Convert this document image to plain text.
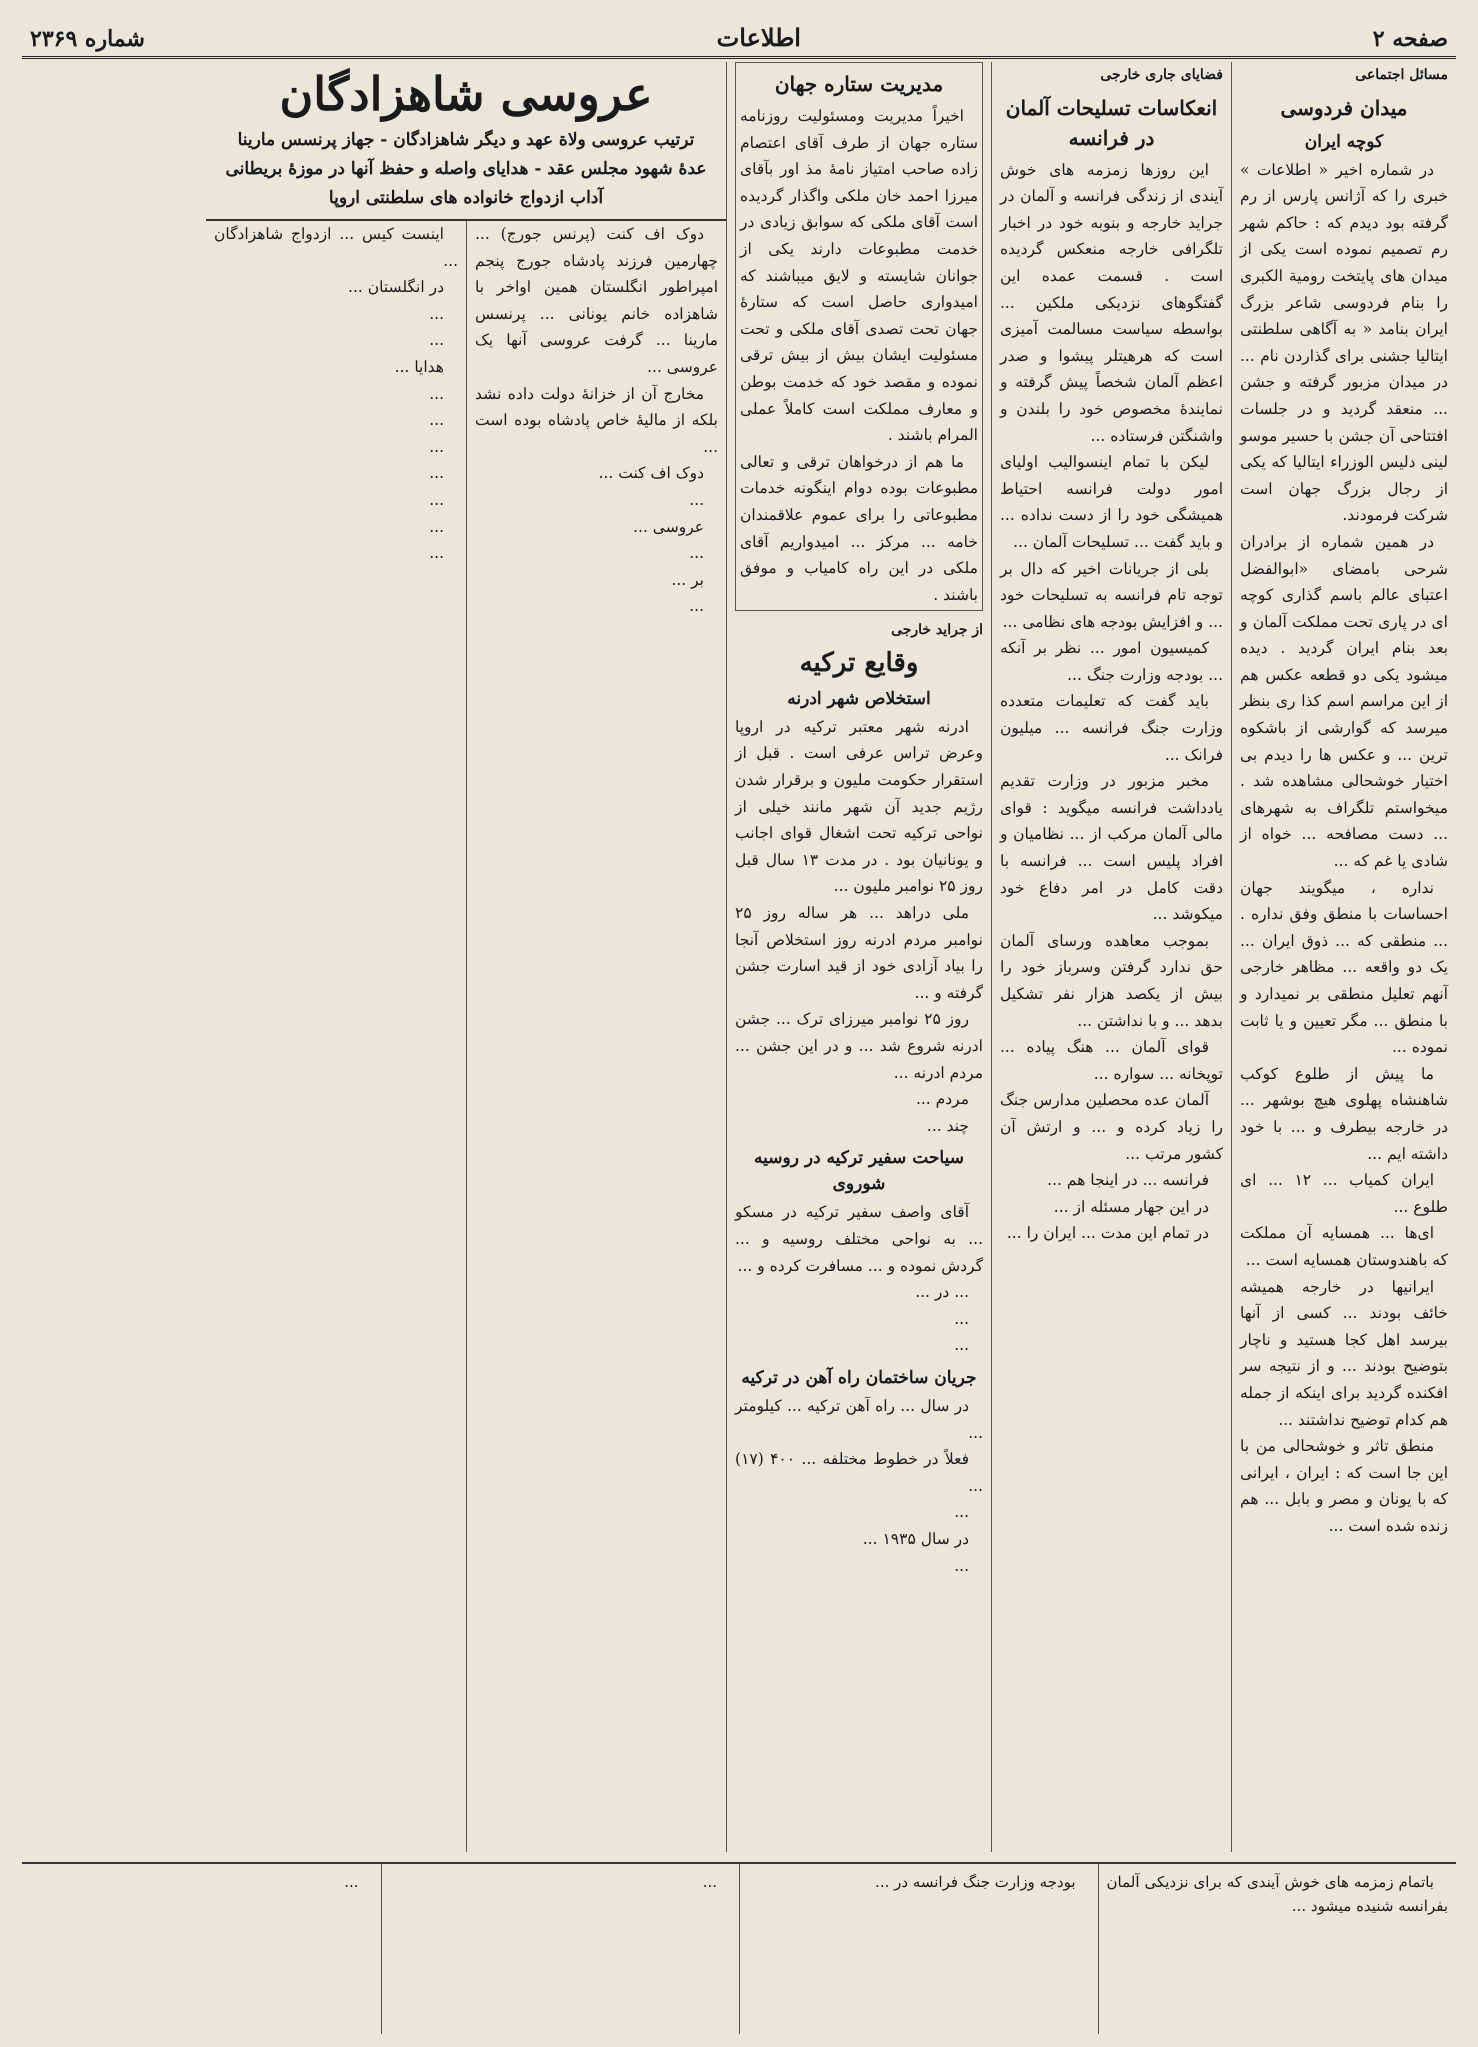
صفحه ۲
اطلاعات
شماره ۲۳۶۹
مسائل اجتماعی
میدان فردوسی
کوچه ایران

در شماره اخیر « اطلاعات » خبری را که آژانس پارس از رم گرفته بود دیدم که : حاکم شهر رم تصمیم نموده است یکی از میدان های پایتخت رومیة الکبری را بنام فردوسی شاعر بزرگ ایران بنامد « به آگاهی سلطنتی ایتالیا جشنی برای گذاردن نام ... در میدان مزبور گرفته و جشن ... منعقد گردید و در جلسات افتتاحی آن جشن با حسیر موسو لینی دلیس الوزراء ایتالیا که یکی از رجال بزرگ جهان است شرکت فرمودند.

در همین شماره از برادران شرحی بامضای «ابوالفضل اعتبای عالم باسم گذاری کوچه ای در پاری تحت مملکت آلمان و بعد بنام ایران گردید . دیده میشود یکی دو قطعه عکس هم از این مراسم اسم کذا ری بنظر میرسد که گوارشی از باشکوه ترین ... و عکس ها را دیدم بی اختیار خوشحالی مشاهده شد . میخواستم تلگراف به شهرهای ... دست مصافحه ... خواه از شادی یا غم که ...

نداره ، میگویند جهان احساسات با منطق وفق نداره . ... منطقی که ... ذوق ایران ... یک دو واقعه ... مظاهر خارجی آنهم تعلیل منطقی بر نمیدارد و با منطق ... مگر تعیین و یا ثابت نموده ...

ما پیش از طلوع کوکب شاهنشاه پهلوی هیچ بوشهر ... در خارجه بیطرف و ... با خود داشته ایم ...

ایران کمیاب ... ۱۲ ... ای طلوع ...

ای‌ها ... همسایه آن مملکت که باهندوستان همسایه است ...

ایرانیها در خارجه همیشه خائف بودند ... کسی از آنها بیرسد اهل کجا هستید و ناچار بتوضیح بودند ... و از نتیجه سر افکنده گردید برای اینکه از جمله هم کدام توضیح نداشتند ...

منطق تاثر و خوشحالی من با این جا است که : ایران ، ایرانی که با یونان و مصر و بابل ... هم زنده شده است ...

فضایای جاری خارجی
انعکاسات تسلیحات آلمان در فرانسه

این روزها زمزمه های خوش آیندی از زندگی فرانسه و آلمان در جراید خارجه و بنوبه خود در اخبار تلگرافی خارجه منعکس گردیده است . قسمت عمده این گفتگوهای نزدیکی ملکین ... بواسطه سیاست مسالمت آمیزی است که هرهیتلر پیشوا و صدر اعظم آلمان شخصاً پیش گرفته و نمایندهٔ مخصوص خود را بلندن و واشنگتن فرستاده ...

لیکن با تمام اینسوالیب اولیای امور دولت فرانسه احتیاط همیشگی خود را از دست نداده ... و باید گفت ... تسلیحات آلمان ...

بلی از جریانات اخیر که دال بر توجه تام فرانسه به تسلیحات خود ... و افزایش بودجه های نظامی ...

کمیسیون امور ... نظر بر آنکه ... بودجه وزارت جنگ ...

باید گفت که تعلیمات متعدده وزارت جنگ فرانسه ... میلیون فرانک ...

مخبر مزبور در وزارت تقدیم یادداشت فرانسه میگوید : قوای مالی آلمان مرکب از ... نظامیان و افراد پلیس است ... فرانسه با دقت کامل در امر دفاع خود میکوشد ...

بموجب معاهده ورسای آلمان حق ندارد گرفتن وسرباز خود را بیش از یکصد هزار نفر تشکیل بدهد ... و با نداشتن ...

قوای آلمان ... هنگ پیاده ... توپخانه ... سواره ...

آلمان عده محصلین مدارس جنگ را زیاد کرده و ... و ارتش آن کشور مرتب ...

فرانسه ... در اینجا هم ...

در این جهار مسئله از ...

در تمام این مدت ... ایران را ...

مدیریت ستاره جهان

اخیراً مدیریت ومسئولیت روزنامه ستاره جهان از طرف آقای اعتصام زاده صاحب امتیاز نامهٔ مذ اور بآقای میرزا احمد خان ملکی واگذار گردیده است آقای ملکی که سوابق زیادی در خدمت مطبوعات دارند یکی از جوانان شایسته و لایق میباشند که امیدواری حاصل است که ستارهٔ جهان تحت تصدی آقای ملکی و تحت مسئولیت ایشان بیش از بیش ترقی نموده و مقصد خود که خدمت بوطن و معارف مملکت است کاملاً عملی المرام باشند .

ما هم از درخواهان ترقی و تعالی مطبوعات بوده دوام اینگونه خدمات مطبوعاتی را برای عموم علاقمندان خامه ... مرکز ... امیدواریم آقای ملکی در این راه کامیاب و موفق باشند .

از جراید خارجی
وقایع ترکیه
استخلاص شهر ادرنه

ادرنه شهر معتبر ترکیه در اروپا وعرض تراس عرفی است . قبل از استقرار حکومت ملیون و برقرار شدن رژیم جدید آن شهر مانند خیلی از نواحی ترکیه تحت اشغال قوای اجانب و یونانیان بود . در مدت ۱۳ سال قبل روز ۲۵ نوامبر ملیون ...

ملی دراهد ... هر ساله روز ۲۵ نوامبر مردم ادرنه روز استخلاص آنجا را بیاد آزادی خود از قید اسارت جشن گرفته و ...

روز ۲۵ نوامبر میرزای ترک ... جشن ادرنه شروع شد ... و در این جشن ... مردم ادرنه ...

مردم ...

چند ...

سیاحت سفیر ترکیه در روسیه شوروی

آقای واصف سفیر ترکیه در مسکو ... به نواحی مختلف روسیه و ... گردش نموده و ... مسافرت کرده و ...

... در ...

...

...

جریان ساختمان راه آهن در ترکیه

در سال ... راه آهن ترکیه ... کیلومتر ...

فعلاً در خطوط مختلفه ... ۴۰۰ (۱۷) ...

...

در سال ۱۹۳۵ ...

...

عروسی شاهزادگان
ترتیب عروسی ولاة عهد و دیگر شاهزادگان - جهاز پرنسس مارینا
عدهٔ شهود مجلس عقد - هدایای واصله و حفظ آنها در موزهٔ بریطانی
آداب ازدواج خانواده های سلطنتی اروپا

دوک اف کنت (پرنس جورج) ... چهارمین فرزند پادشاه جورج پنجم امپراطور انگلستان همین اواخر با شاهزاده خانم یونانی ... پرنسس مارینا ... گرفت عروسی آنها یک عروسی ...

مخارج آن از خزانهٔ دولت داده نشد بلکه از مالیهٔ خاص پادشاه بوده است ...

دوک اف کنت ...

...

عروسی ...

...

بر ...

...

اینست کیس ... ازدواج شاهزادگان ...

در انگلستان ...

...

...

هدایا ...

...

...

...

...

...

...

...

باتمام زمزمه های خوش آیندی که برای نزدیکی آلمان بفرانسه شنیده میشود ...

بودجه وزارت جنگ فرانسه در ...

...

...
